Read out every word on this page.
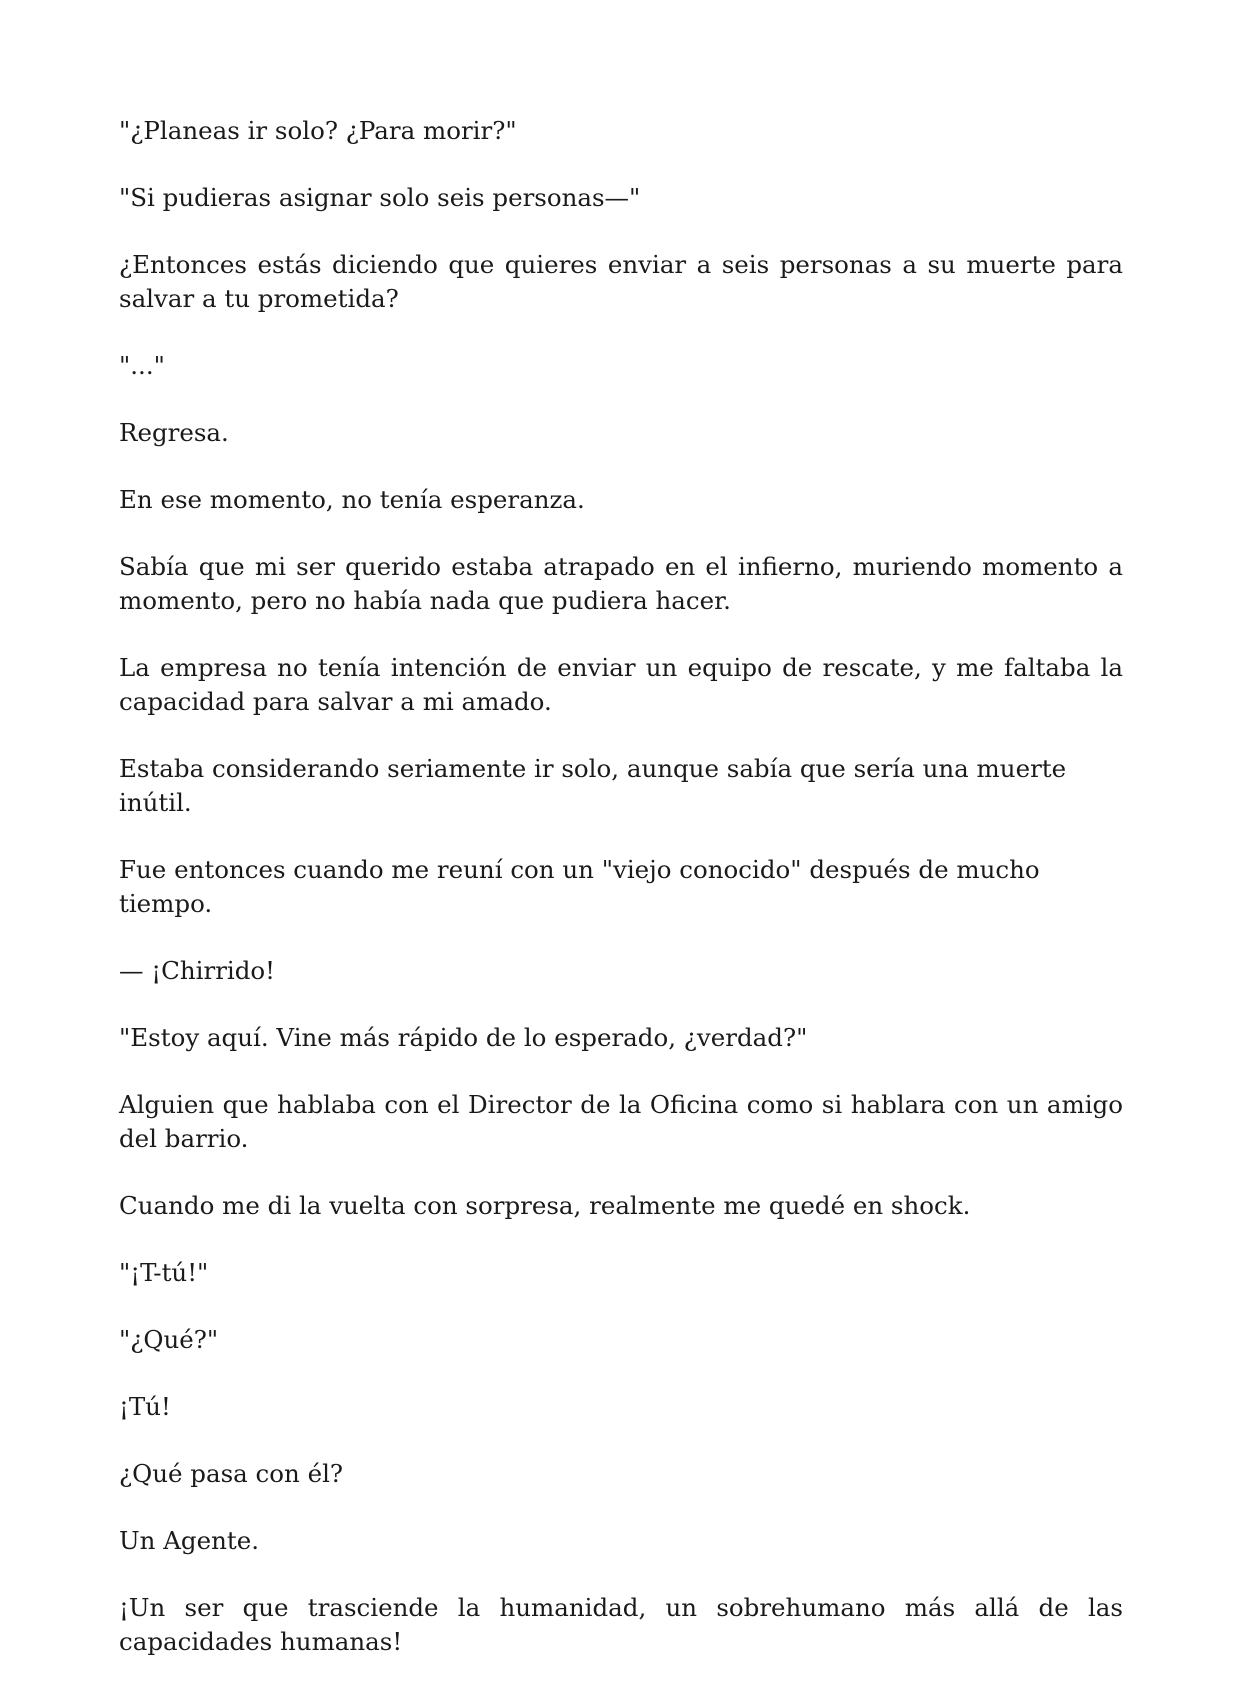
"¿Planeas ir solo? ¿Para morir?"

"Si pudieras asignar solo seis personas—"

¿Entonces estás diciendo que quieres enviar a seis personas a su muerte para salvar a tu prometida?

"..."

Regresa.

En ese momento, no tenía esperanza.

Sabía que mi ser querido estaba atrapado en el infierno, muriendo momento a momento, pero no había nada que pudiera hacer.

La empresa no tenía intención de enviar un equipo de rescate, y me faltaba la capacidad para salvar a mi amado.

Estaba considerando seriamente ir solo, aunque sabía que sería una muerte inútil.

Fue entonces cuando me reuní con un "viejo conocido" después de mucho tiempo.

— ¡Chirrido!

"Estoy aquí. Vine más rápido de lo esperado, ¿verdad?"

Alguien que hablaba con el Director de la Oficina como si hablara con un amigo del barrio.

Cuando me di la vuelta con sorpresa, realmente me quedé en shock.

"¡T-tú!"

"¿Qué?"

¡Tú!

¿Qué pasa con él?

Un Agente.

¡Un ser que trasciende la humanidad, un sobrehumano más allá de las capacidades humanas!
